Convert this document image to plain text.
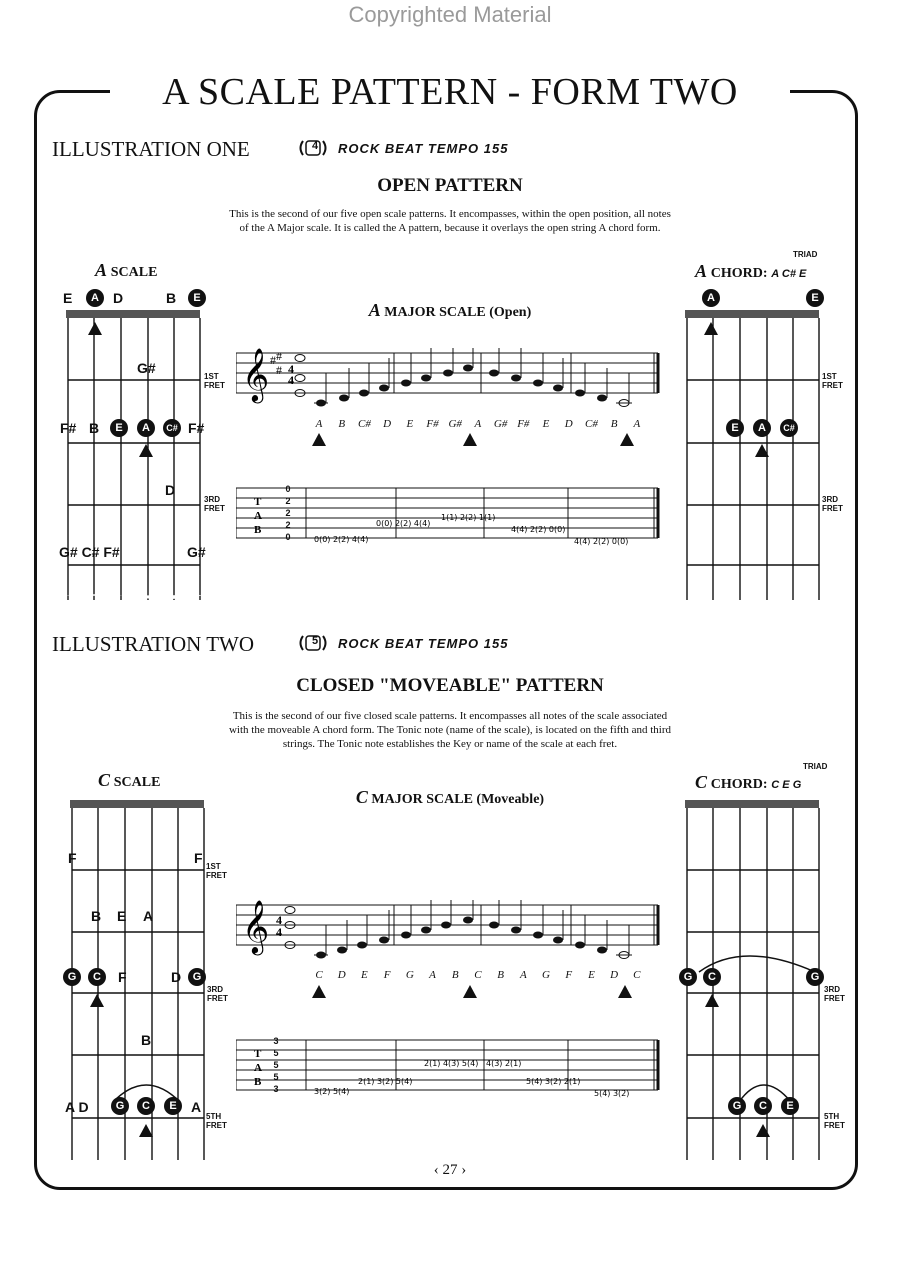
Copyrighted Material
A SCALE PATTERN - FORM TWO
ILLUSTRATION ONE	4 ROCK BEAT TEMPO 155
OPEN PATTERN
This is the second of our five open scale patterns. It encompasses, within the open position, all notes
of the A Major scale. It is called the A pattern, because it overlays the open string A chord form.
A SCALE
E	A	D	B	E
G#
1ST FRET
F# B	E	A	C# F#
D
3RD FRET
G# C# F#	G#
A MAJOR SCALE (Open)
𝄞 # #
# 4
4
T
A
B
0(0) 2(2) 4(4)
0(0) 2(2) 4(4)
1(1) 2(2) 1(1)
4(4) 2(2) 0(0)
4(4) 2(2) 0(0)
0
2
2
2
0
A	B	C#	D	E	F# G#	A	G# F#	E	D	C#	B	A
TRIAD
A CHORD: A C# E
A	E
1ST FRET
E	A	C#
3RD FRET
ILLUSTRATION TWO	5 ROCK BEAT TEMPO 155
CLOSED "MOVEABLE" PATTERN
This is the second of our five closed scale patterns. It encompasses all notes of the scale associated
with the moveable A chord form. The Tonic note (name of the scale), is located on the fifth and third
strings. The Tonic note establishes the Key or name of the scale at each fret.
C SCALE
F	F
1ST FRET
B E A
G	C	F	D	G
3RD FRET
B
A D	G	C	E	A
5TH FRET
C MAJOR SCALE (Moveable)
𝄞 4
4
T
A
B
3(2) 5(4)
2(1) 3(2) 5(4)
2(1) 4(3) 5(4) 4(3) 2(1)
5(4) 3(2) 2(1)
5(4) 3(2)
3
5
5
5
3
C	D	E	F	G	A	B	C	B	A	G	F	E	D	C
TRIAD
C CHORD: C E G
G	C	G
3RD FRET
G	C	E
5TH FRET
‹ 27 ›
